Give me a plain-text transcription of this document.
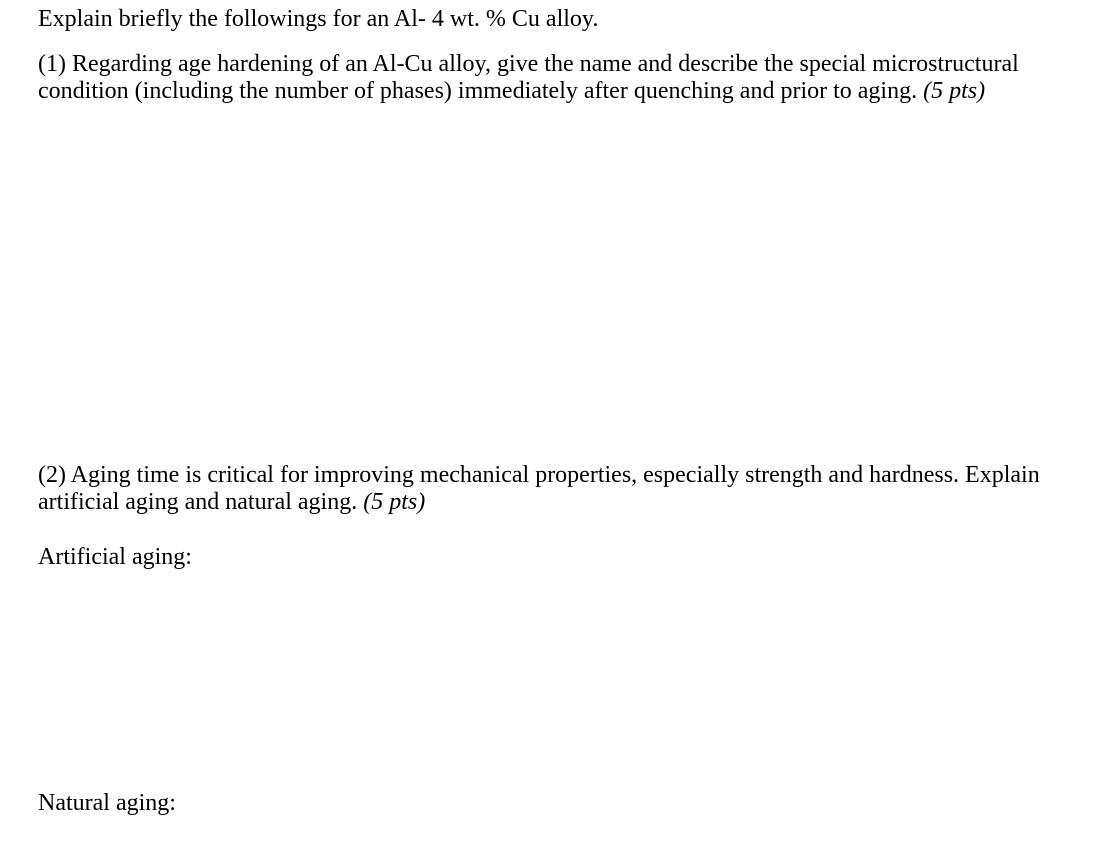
Explain briefly the followings for an Al- 4 wt. % Cu alloy.
(1) Regarding age hardening of an Al-Cu alloy, give the name and describe the special microstructural
condition (including the number of phases) immediately after quenching and prior to aging. (5 pts)
(2) Aging time is critical for improving mechanical properties, especially strength and hardness. Explain
artificial aging and natural aging. (5 pts)
Artificial aging:
Natural aging:
